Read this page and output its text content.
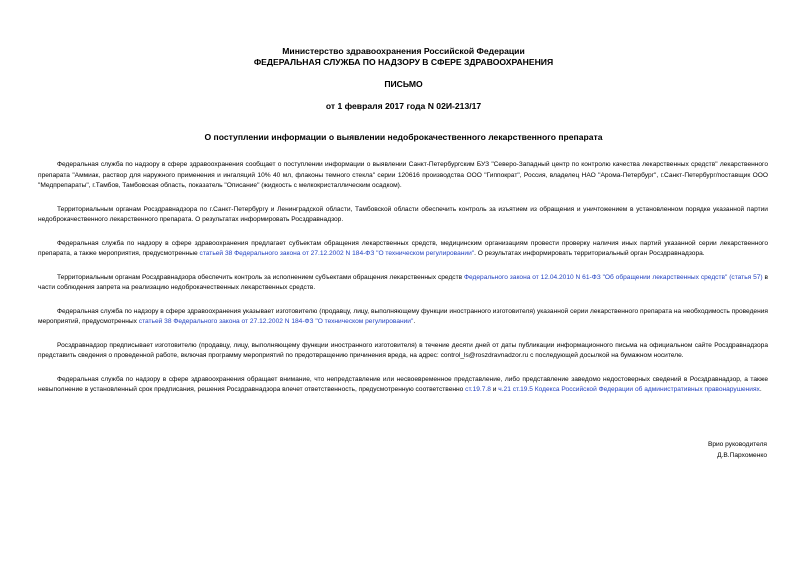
Министерство здравоохранения Российской Федерации
ФЕДЕРАЛЬНАЯ СЛУЖБА ПО НАДЗОРУ В СФЕРЕ ЗДРАВООХРАНЕНИЯ
ПИСЬМО
от 1 февраля 2017 года N 02И-213/17
О поступлении информации о выявлении недоброкачественного лекарственного препарата

Федеральная служба по надзору в сфере здравоохранения сообщает о поступлении информации о выявлении Санкт-Петербургским БУЗ "Северо-Западный центр по контролю качества лекарственных средств" лекарственного препарата "Аммиак, раствор для наружного применения и ингаляций 10% 40 мл, флаконы темного стекла" серии 120616 производства ООО "Гиппократ", Россия, владелец НАО "Арома-Петербург", г.Санкт-Петербург/поставщик ООО "Медпрепараты", г.Тамбов, Тамбовская область, показатель "Описание" (жидкость с мелкокристаллическим осадком).

Территориальным органам Росздравнадзора по г.Санкт-Петербургу и Ленинградской области, Тамбовской области обеспечить контроль за изъятием из обращения и уничтожением в установленном порядке указанной партии недоброкачественного лекарственного препарата. О результатах информировать Росздравнадзор.

Федеральная служба по надзору в сфере здравоохранения предлагает субъектам обращения лекарственных средств, медицинским организациям провести проверку наличия иных партий указанной серии лекарственного препарата, а также мероприятия, предусмотренные статьей 38 Федерального закона от 27.12.2002 N 184-ФЗ "О техническом регулировании". О результатах информировать территориальный орган Росздравнадзора.

Территориальным органам Росздравнадзора обеспечить контроль за исполнением субъектами обращения лекарственных средств Федерального закона от 12.04.2010 N 61-ФЗ "Об обращении лекарственных средств" (статья 57) в части соблюдения запрета на реализацию недоброкачественных лекарственных средств.

Федеральная служба по надзору в сфере здравоохранения указывает изготовителю (продавцу, лицу, выполняющему функции иностранного изготовителя) указанной серии лекарственного препарата на необходимость проведения мероприятий, предусмотренных статьей 38 Федерального закона от 27.12.2002 N 184-ФЗ "О техническом регулировании".

Росздравнадзор предписывает изготовителю (продавцу, лицу, выполняющему функции иностранного изготовителя) в течение десяти дней от даты публикации информационного письма на официальном сайте Росздравнадзора представить сведения о проведенной работе, включая программу мероприятий по предотвращению причинения вреда, на адрес: control_ls@roszdravnadzor.ru с последующей досылкой на бумажном носителе.

Федеральная служба по надзору в сфере здравоохранения обращает внимание, что непредставление или несвоевременное представление, либо представление заведомо недостоверных сведений в Росздравнадзор, а также невыполнение в установленный срок предписания, решения Росздравнадзора влечет ответственность, предусмотренную соответственно ст.19.7.8 и ч.21 ст.19.5 Кодекса Российской Федерации об административных правонарушениях.

Врио руководителя
Д.В.Пархоменко
